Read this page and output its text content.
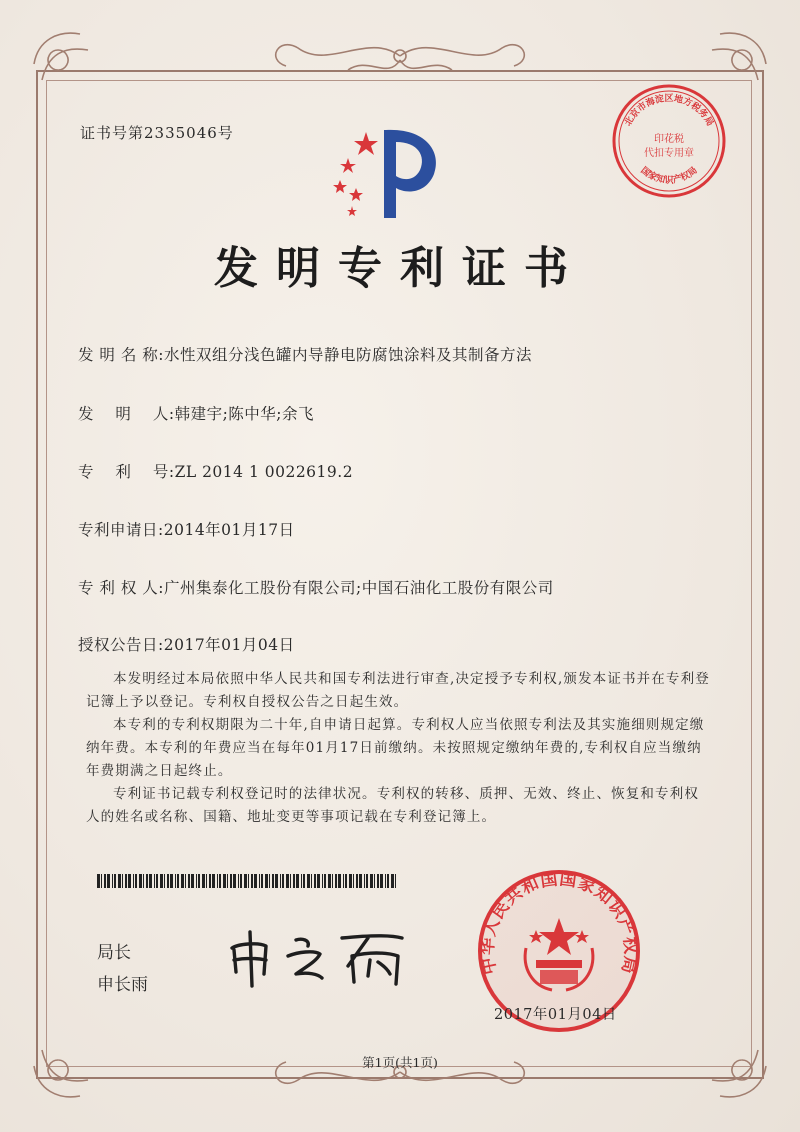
证书号第2335046号
发明专利证书
发 明 名 称:水性双组分浅色罐内导静电防腐蚀涂料及其制备方法
发　 明　 人:韩建宇;陈中华;余飞
专　 利　 号:ZL 2014 1 0022619.2
专利申请日:2014年01月17日
专 利 权 人:广州集泰化工股份有限公司;中国石油化工股份有限公司
授权公告日:2017年01月04日

本发明经过本局依照中华人民共和国专利法进行审查,决定授予专利权,颁发本证书并在专利登记簿上予以登记。专利权自授权公告之日起生效。

本专利的专利权期限为二十年,自申请日起算。专利权人应当依照专利法及其实施细则规定缴纳年费。本专利的年费应当在每年01月17日前缴纳。未按照规定缴纳年费的,专利权自应当缴纳年费期满之日起终止。

专利证书记载专利权登记时的法律状况。专利权的转移、质押、无效、终止、恢复和专利权人的姓名或名称、国籍、地址变更等事项记载在专利登记簿上。

局长
申长雨
北京市海淀区地方税务局
国家知识产权局
印花税
代扣专用章
中华人民共和国国家知识产权局
2017年01月04日
第1页(共1页)
